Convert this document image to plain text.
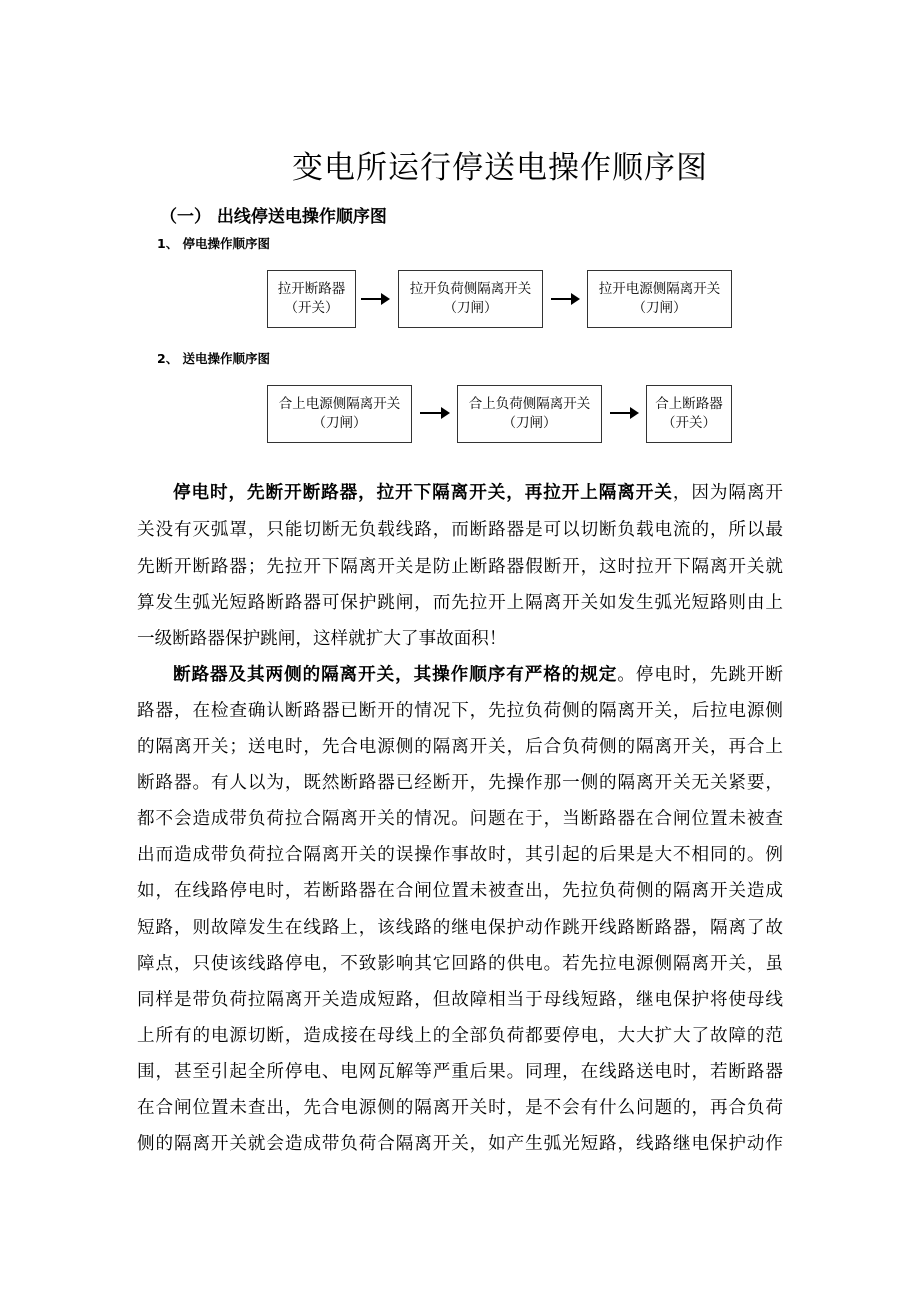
变电所运行停送电操作顺序图
（一） 出线停送电操作顺序图
1、 停电操作顺序图
拉开断路器
（开关）
拉开负荷侧隔离开关
（刀闸）
拉开电源侧隔离开关
（刀闸）
2、 送电操作顺序图
合上电源侧隔离开关
（刀闸）
合上负荷侧隔离开关
（刀闸）
合上断路器
（开关）
停电时，先断开断路器，拉开下隔离开关，再拉开上隔离开关，因为隔离开
关没有灭弧罩，只能切断无负载线路，而断路器是可以切断负载电流的，所以最
先断开断路器；先拉开下隔离开关是防止断路器假断开，这时拉开下隔离开关就
算发生弧光短路断路器可保护跳闸，而先拉开上隔离开关如发生弧光短路则由上
一级断路器保护跳闸，这样就扩大了事故面积！
断路器及其两侧的隔离开关，其操作顺序有严格的规定。停电时，先跳开断
路器，在检查确认断路器已断开的情况下，先拉负荷侧的隔离开关，后拉电源侧
的隔离开关；送电时，先合电源侧的隔离开关，后合负荷侧的隔离开关，再合上
断路器。有人以为，既然断路器已经断开，先操作那一侧的隔离开关无关紧要，
都不会造成带负荷拉合隔离开关的情况。问题在于，当断路器在合闸位置未被查
出而造成带负荷拉合隔离开关的误操作事故时，其引起的后果是大不相同的。例
如，在线路停电时，若断路器在合闸位置未被查出，先拉负荷侧的隔离开关造成
短路，则故障发生在线路上，该线路的继电保护动作跳开线路断路器，隔离了故
障点，只使该线路停电，不致影响其它回路的供电。若先拉电源侧隔离开关，虽
同样是带负荷拉隔离开关造成短路，但故障相当于母线短路，继电保护将使母线
上所有的电源切断，造成接在母线上的全部负荷都要停电，大大扩大了故障的范
围，甚至引起全所停电、电网瓦解等严重后果。同理，在线路送电时，若断路器
在合闸位置未查出，先合电源侧的隔离开关时，是不会有什么问题的，再合负荷
侧的隔离开关就会造成带负荷合隔离开关，如产生弧光短路，线路继电保护动作
